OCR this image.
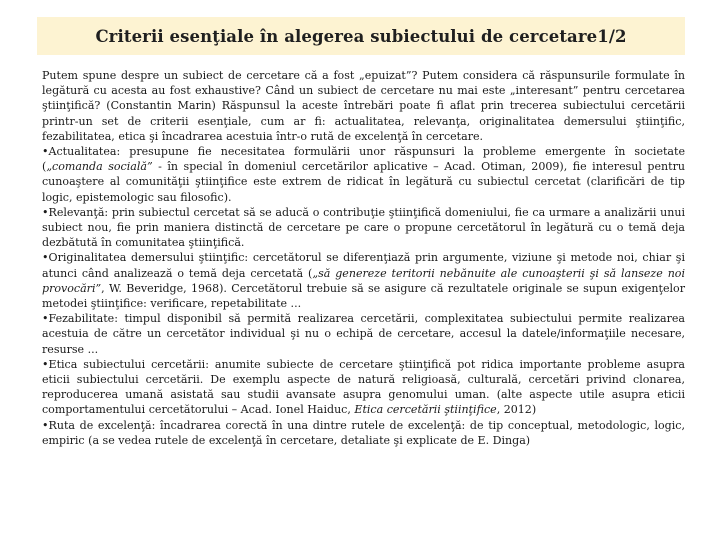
Criterii esenţiale în alegerea subiectului de cercetare1/2

Putem spune despre un subiect de cercetare că a fost „epuizat”? Putem considera că răspunsurile formulate în legătură cu acesta au fost exhaustive? Când un subiect de cercetare nu mai este „interesant” pentru cercetarea ştiinţifică? (Constantin Marin) Răspunsul la aceste întrebări poate fi aflat prin trecerea subiectului cercetării printr-un set de criterii esenţiale, cum ar fi: actualitatea, relevanţa, originalitatea demersului ştiinţific, fezabilitatea, etica şi încadrarea acestuia într-o rută de excelenţă în cercetare.

•Actualitatea: presupune fie necesitatea formulării unor răspunsuri la probleme emergente în societate („comanda socială” - în special în domeniul cercetărilor aplicative – Acad. Otiman, 2009), fie interesul pentru cunoaştere al comunităţii ştiinţifice este extrem de ridicat în legătură cu subiectul cercetat (clarificări de tip logic, epistemologic sau filosofic).

•Relevanţă: prin subiectul cercetat să se aducă o contribuţie ştiinţifică domeniului, fie ca urmare a analizării unui subiect nou, fie prin maniera distinctă de cercetare pe care o propune cercetătorul în legătură cu o temă deja dezbătută în comunitatea ştiinţifică.

•Originalitatea demersului ştiinţific: cercetătorul se diferenţiază prin argumente, viziune şi metode noi, chiar şi atunci când analizează o temă deja cercetată („să genereze teritorii nebănuite ale cunoaşterii şi să lanseze noi provocări”, W. Beveridge, 1968). Cercetătorul trebuie să se asigure că rezultatele originale se supun exigenţelor metodei ştiinţifice: verificare, repetabilitate ...

•Fezabilitate: timpul disponibil să permită realizarea cercetării, complexitatea subiectului permite realizarea acestuia de către un cercetător individual şi nu o echipă de cercetare, accesul la datele/informaţiile necesare, resurse ...

•Etica subiectului cercetării: anumite subiecte de cercetare ştiinţifică pot ridica importante probleme asupra eticii subiectului cercetării. De exemplu aspecte de natură religioasă, culturală, cercetări privind clonarea, reproducerea umană asistată sau studii avansate asupra genomului uman. (alte aspecte utile asupra eticii comportamentului cercetătorului – Acad. Ionel Haiduc, Etica cercetării ştiinţifice, 2012)

•Ruta de excelenţă: încadrarea corectă în una dintre rutele de excelenţă: de tip conceptual, metodologic, logic, empiric (a se vedea rutele de excelenţă în cercetare, detaliate şi explicate de E. Dinga)
